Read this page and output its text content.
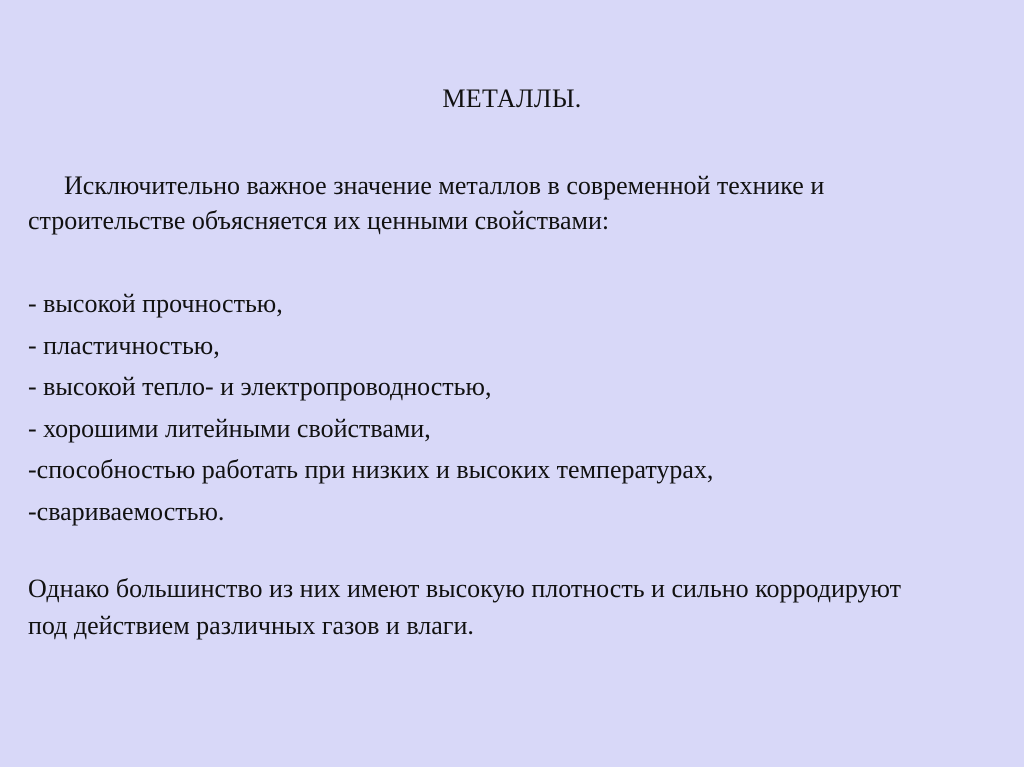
МЕТАЛЛЫ.
Исключительно важное значение металлов в современной технике и
строительстве объясняется их ценными свойствами:
- высокой прочностью,
- пластичностью,
- высокой тепло- и электропроводностью,
- хорошими литейными свойствами,
-способностью работать при низких и высоких температурах,
-свариваемостью.
Однако большинство из них имеют высокую плотность и сильно корродируют
под действием различных газов и влаги.
